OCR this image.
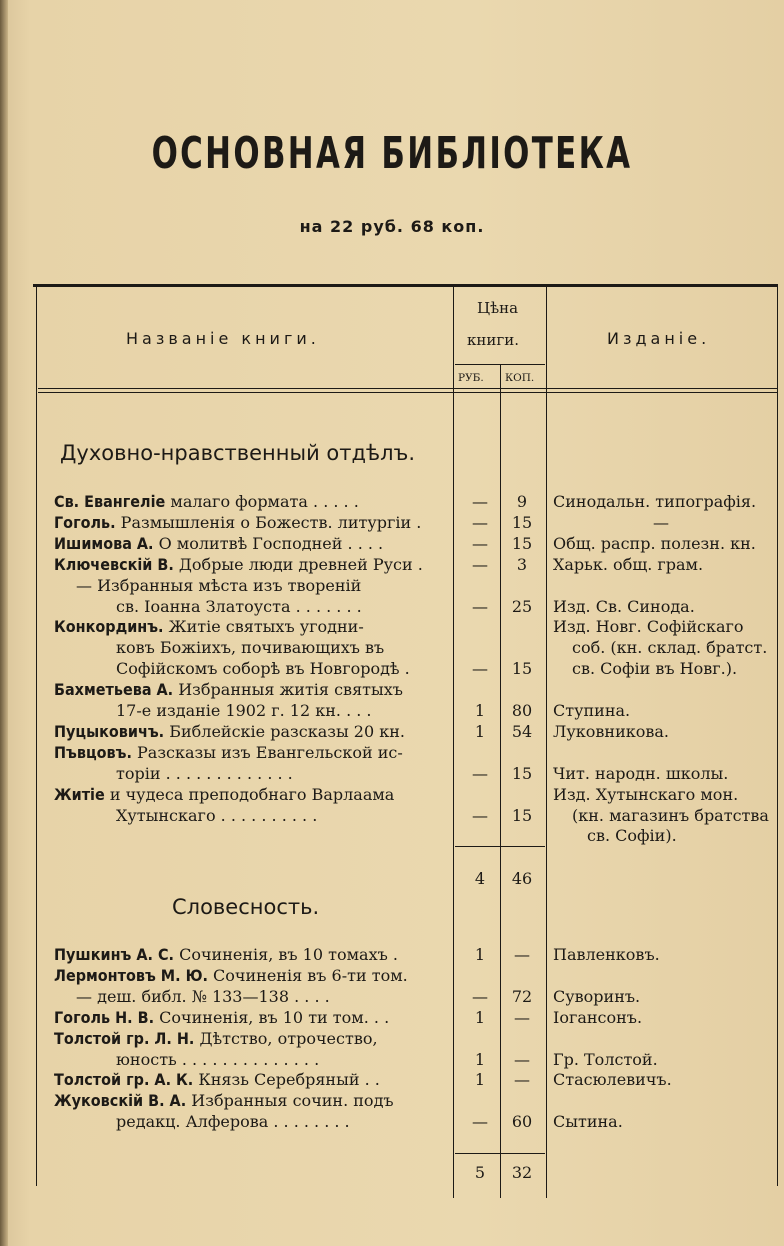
ОСНОВНАЯ БИБЛІОТЕКА
на 22 руб. 68 коп.
Названіе книги.
Цѣна
книги.
РУБ. КОП.
Изданіе.
Духовно-нравственный отдѣлъ.
Св. Евангеліе малаго формата . . . . .	—	9	Синодальн. типографія.
Гоголь. Размышленія о Божеств. литургіи .	—	15	—
Ишимова А. О молитвѣ Господней . . . .	—	15	Общ. распр. полезн. кн.
Ключевскій В. Добрые люди древней Руси .	—	3	Харьк. общ. грам.
— Избранныя мѣста изъ твореній
св. Іоанна Златоуста . . . . . . .	—	25	Изд. Св. Синода.
Конкординъ. Житіе святыхъ угодни-	Изд. Новг. Софійскаго
ковъ Божіихъ, почивающихъ въ	соб. (кн. склад. братст.
Софійскомъ соборѣ въ Новгородѣ .	—	15	св. Софіи въ Новг.).
Бахметьева А. Избранныя житія святыхъ
17-е изданіе 1902 г. 12 кн. . . .	1	80	Ступина.
Пуцыковичъ. Библейскіе разсказы 20 кн.	1	54	Луковникова.
Пъвцовъ. Разсказы изъ Евангельской ис-
торіи . . . . . . . . . . . . .	—	15	Чит. народн. школы.
Житіе и чудеса преподобнаго Варлаама	Изд. Хутынскаго мон.
Хутынскаго . . . . . . . . . .	—	15	(кн. магазинъ братства
св. Софіи).
4	46
Словесность.
Пушкинъ А. С. Сочиненія, въ 10 томахъ .	1	—	Павленковъ.
Лермонтовъ М. Ю. Сочиненія въ 6-ти том.
— деш. библ. № 133—138 . . . .	—	72	Суворинъ.
Гоголь Н. В. Сочиненія, въ 10 ти том. . .	1	—	Іогансонъ.
Толстой гр. Л. Н. Дѣтство, отрочество,
юность . . . . . . . . . . . . . .	1	—	Гр. Толстой.
Толстой гр. А. К. Князь Серебряный . .	1	—	Стасюлевичъ.
Жуковскій В. А. Избранныя сочин. подъ
редакц. Алферова . . . . . . . .	—	60	Сытина.
5	32
